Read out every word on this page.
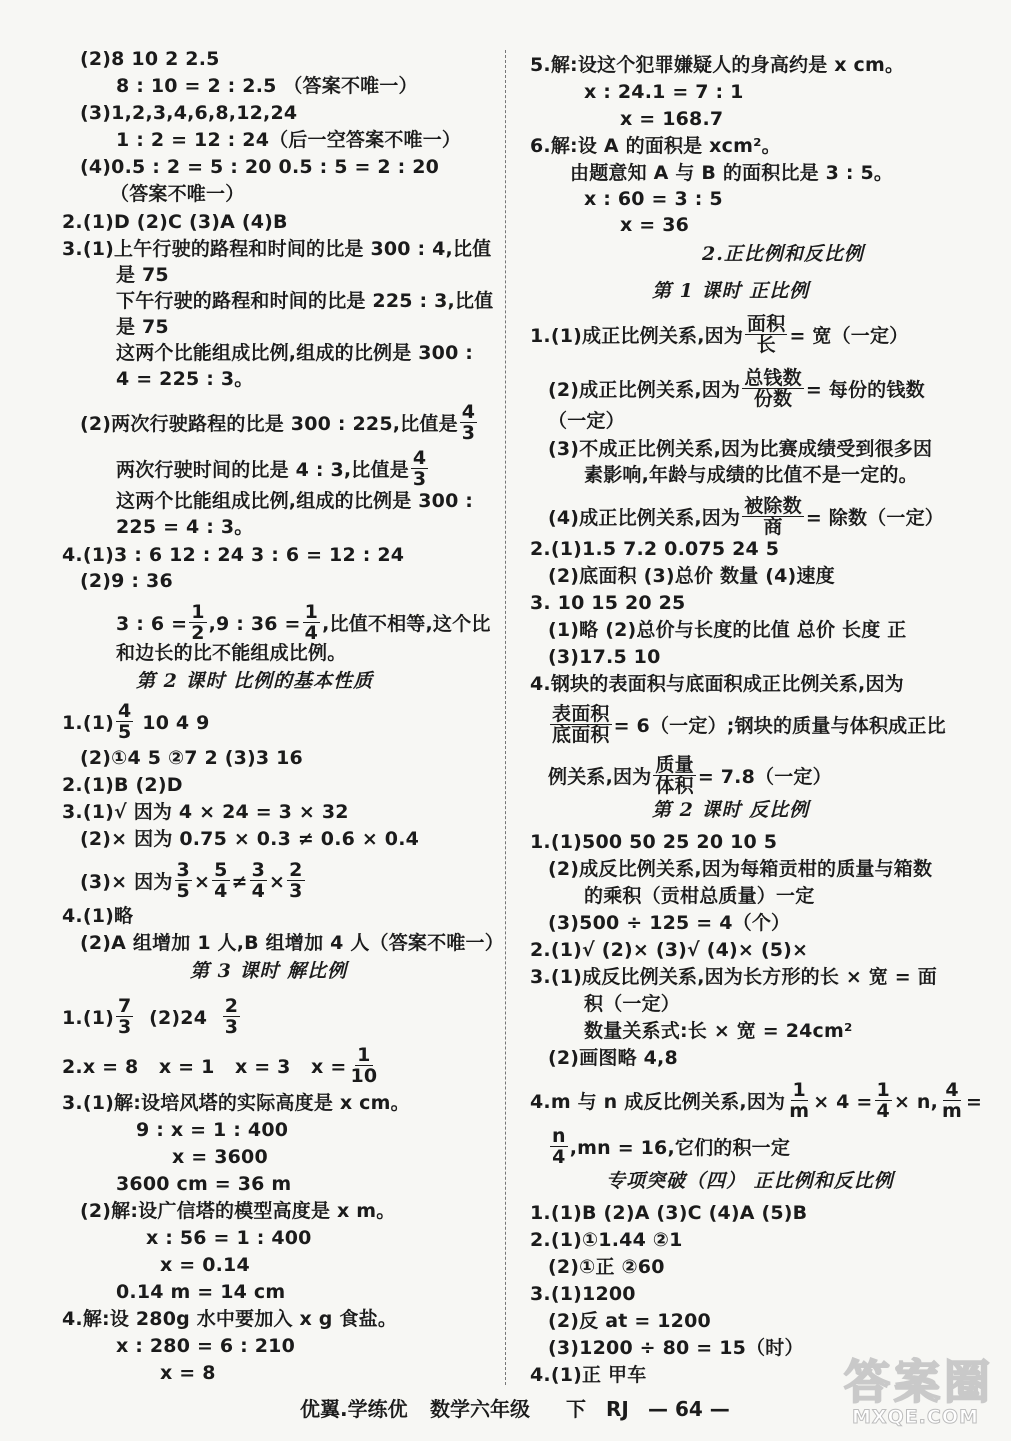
(2)8 10 2 2.5
8 : 10 = 2 : 2.5 （答案不唯一）
(3)1,2,3,4,6,8,12,24
1 : 2 = 12 : 24（后一空答案不唯一）
(4)0.5 : 2 = 5 : 20 0.5 : 5 = 2 : 20
（答案不唯一）
2.(1)D (2)C (3)A (4)B
3.(1)上午行驶的路程和时间的比是 300 : 4,比值
是 75
下午行驶的路程和时间的比是 225 : 3,比值
是 75
这两个比能组成比例,组成的比例是 300 :
4 = 225 : 3。
(2)两次行驶路程的比是 300 : 225,比值是 $\frac{4}{3}$
两次行驶时间的比是 4 : 3,比值是 $\frac{4}{3}$
这两个比能组成比例,组成的比例是 300 :
225 = 4 : 3。
4.(1)3 : 6 12 : 24 3 : 6 = 12 : 24
(2)9 : 36
3 : $6 = \frac{1}{2} ,9$ : $36 = \frac{1}{4}$ ,比值不相等,这个比
和边长的比不能组成比例。
第 2 课时 比例的基本性质
$1.(1) \frac{4}{5} 10$ 4 9
(2)①4 5 ②7 2 (3)3 16
2.(1)B (2)D
3.(1)√ 因为 4 × 24 = 3 × 32
(2)× 因为 0.75 × 0.3 ≠ 0.6 × 0.4
(3)× 因为 $\frac{3}{5} \times \frac{5}{4} \ne \frac{3}{4} \times \frac{2}{3}$
4.(1)略
(2)A 组增加 1 人,B 组增加 4 人（答案不唯一）
第 3 课时 解比例
$1.(1) \frac{7}{3} (2)24 \frac{2}{3}$
2.x = 8   x = 1   x = 3   $x = \frac{1}{10}$
3.(1)解:设培风塔的实际高度是 x cm。
9 : x = 1 : 400
x = 3600
3600 cm = 36 m
(2)解:设广信塔的模型高度是 x m。
x : 56 = 1 : 400
x = 0.14
0.14 m = 14 cm
4.解:设 280g 水中要加入 x g 食盐。
x : 280 = 6 : 210
x = 8
5.解:设这个犯罪嫌疑人的身高约是 x cm。
x : 24.1 = 7 : 1
x = 168.7
6.解:设 A 的面积是 xcm²。
由题意知 A 与 B 的面积比是 3 : 5。
x : 60 = 3 : 5
x = 36
2.正比例和反比例
第 1 课时 正比例
1.(1)成正比例关系,因为 $\frac{\text{面积}}{\text{长}}$ = 宽（一定）
(2)成正比例关系,因为 $\frac{\text{总钱数}}{\text{份数}}$ = 每份的钱数
（一定）
(3)不成正比例关系,因为比赛成绩受到很多因
素影响,年龄与成绩的比值不是一定的。
(4)成正比例关系,因为 $\frac{\text{被除数}}{\text{商}}$ = 除数（一定）
2.(1)1.5 7.2 0.075 24 5
(2)底面积 (3)总价 数量 (4)速度
3. 10 15 20 25
(1)略 (2)总价与长度的比值 总价 长度 正
(3)17.5 10
4.钢块的表面积与底面积成正比例关系,因为
$\frac{\text{表面积}}{\text{底面积}} = 6$（一定）;钢块的质量与体积成正比
例关系,因为 $\frac{\text{质量}}{\text{体积}} = 7.8$（一定）
第 2 课时 反比例
1.(1)500 50 25 20 10 5
(2)成反比例关系,因为每箱贡柑的质量与箱数
的乘积（贡柑总质量）一定
(3)500 ÷ 125 = 4（个）
2.(1)√ (2)× (3)√ (4)× (5)×
3.(1)成反比例关系,因为长方形的长 × 宽 = 面
积（一定）
数量关系式:长 × 宽 = 24cm²
(2)画图略 4,8
4.m 与 n 成反比例关系,因为 $\frac{1}{m} \times 4 = \frac{1}{4} \times n$, $\frac{4}{m}$ =
$\frac{n}{4} ,mn = 16$,它们的积一定
专项突破（四） 正比例和反比例
1.(1)B (2)A (3)C (4)A (5)B
2.(1)①1.44 ②1
(2)①正 ②60
3.(1)1200
(2)反 at = 1200
(3)1200 ÷ 80 = 15（时）
4.(1)正 甲车
优翼.学练优 数学六年级 下 RJ — 64 — 答案圈
MXQE.COM
